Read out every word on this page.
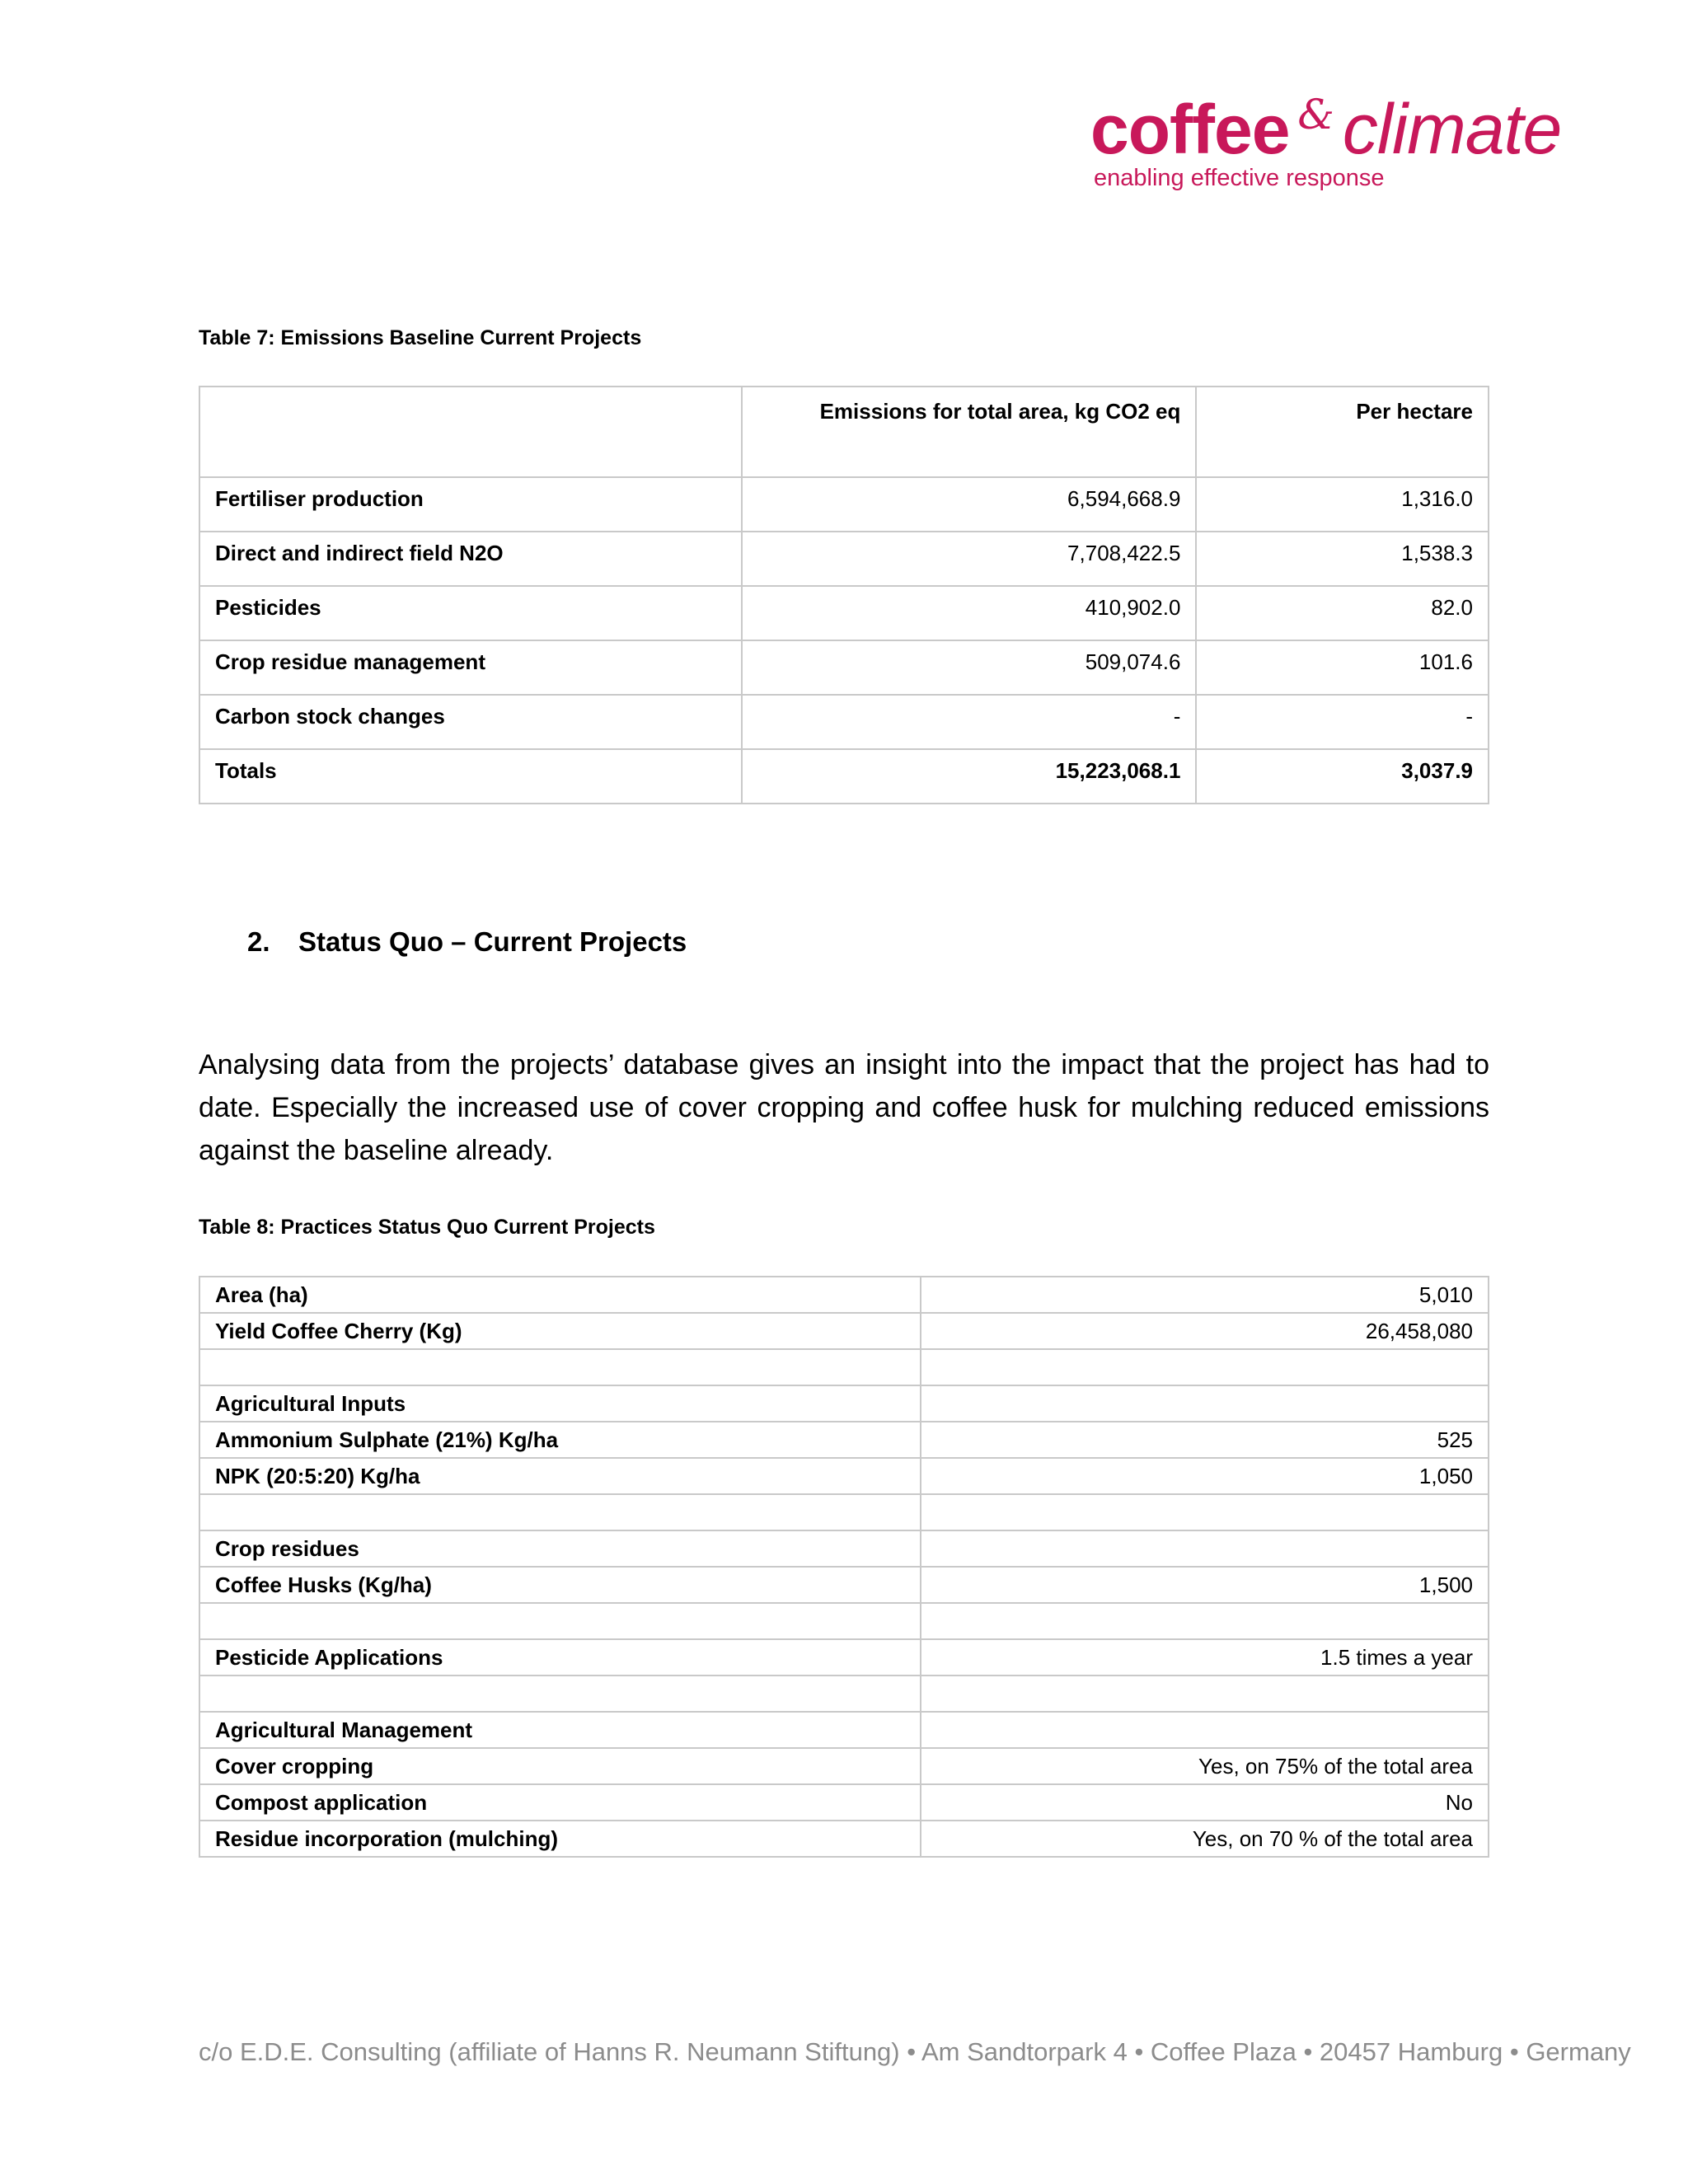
coffee & climate
enabling effective response
Table 7: Emissions Baseline Current Projects
	Emissions for total area, kg CO2 eq	Per hectare
Fertiliser production	6,594,668.9	1,316.0
Direct and indirect field N2O	7,708,422.5	1,538.3
Pesticides	410,902.0	82.0
Crop residue management	509,074.6	101.6
Carbon stock changes	-	-
Totals	15,223,068.1	3,037.9
2. Status Quo – Current Projects

Analysing data from the projects’ database gives an insight into the impact that the project has had to date. Especially the increased use of cover cropping and coffee husk for mulching reduced emissions against the baseline already.

Table 8: Practices Status Quo Current Projects
Area (ha)	5,010
Yield Coffee Cherry (Kg)	26,458,080

Agricultural Inputs	
Ammonium Sulphate (21%) Kg/ha	525
NPK (20:5:20) Kg/ha	1,050

Crop residues	
Coffee Husks (Kg/ha)	1,500

Pesticide Applications	1.5 times a year

Agricultural Management	
Cover cropping	Yes, on 75% of the total area
Compost application	No
Residue incorporation (mulching)	Yes, on 70 % of the total area
c/o E.D.E. Consulting (affiliate of Hanns R. Neumann Stiftung) • Am Sandtorpark 4 • Coffee Plaza • 20457 Hamburg • Germany
